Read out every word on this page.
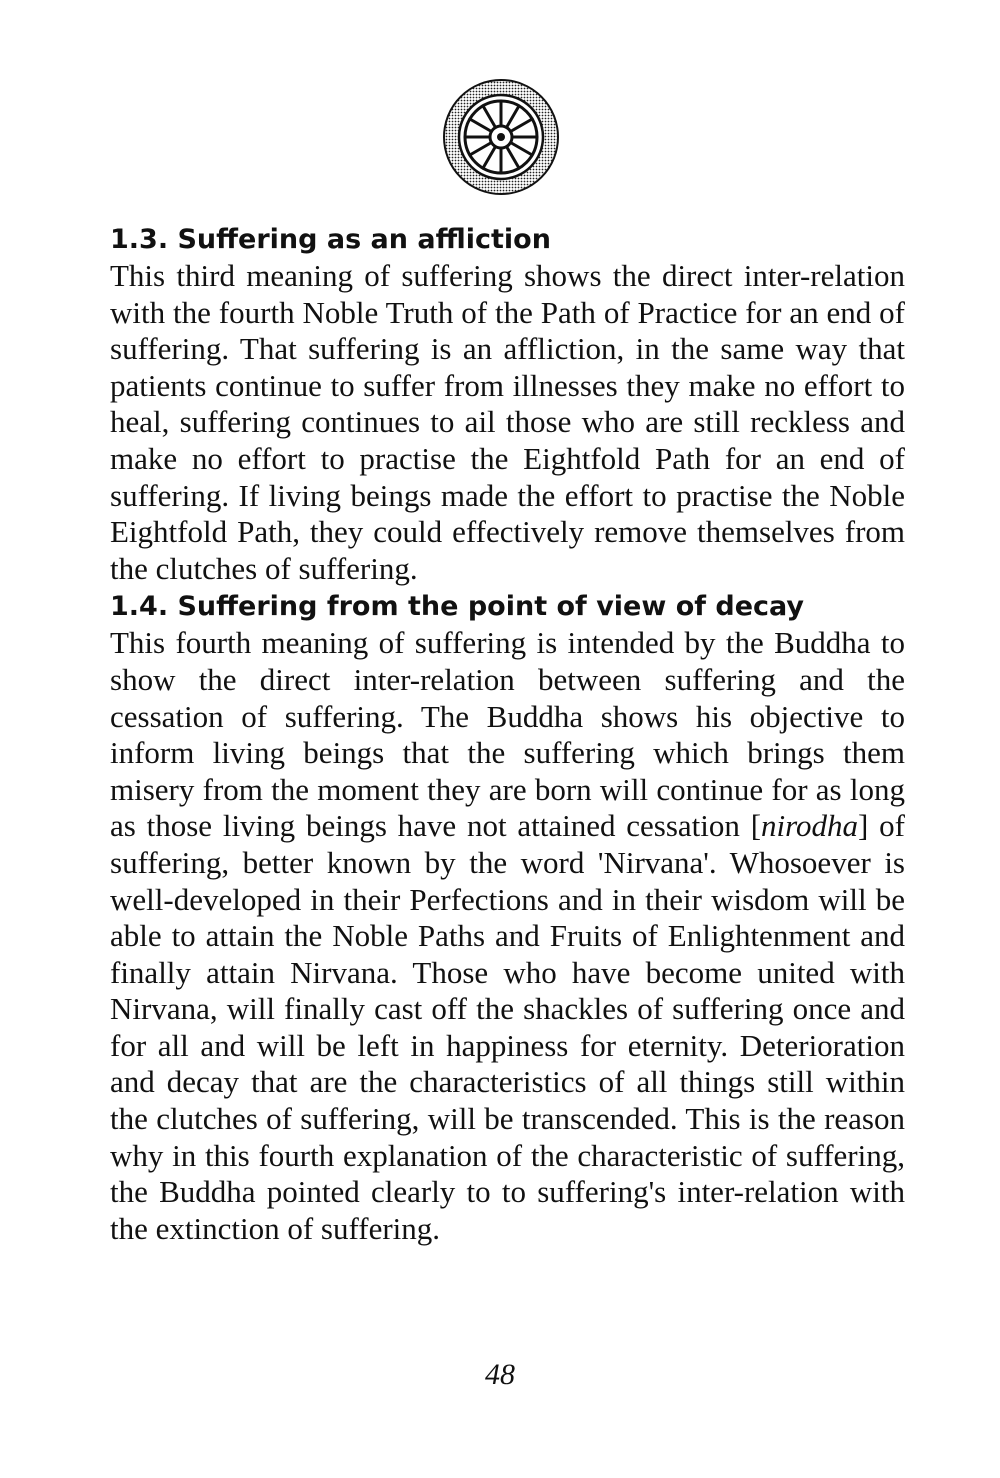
1.3. Suffering as an affliction

This third meaning of suffering shows the direct inter-relation with the fourth Noble Truth of the Path of Practice for an end of suffering. That suffering is an affliction, in the same way that patients continue to suffer from illnesses they make no effort to heal, suffering continues to ail those who are still reckless and make no effort to practise the Eightfold Path for an end of suffering. If living beings made the effort to practise the Noble Eightfold Path, they could effectively remove themselves from the clutches of suffering.

1.4. Suffering from the point of view of decay

This fourth meaning of suffering is intended by the Buddha to show the direct inter-relation between suffering and the cessation of suffering. The Buddha shows his objective to inform living beings that the suffering which brings them misery from the moment they are born will continue for as long as those living beings have not attained cessation [nirodha] of suffering, better known by the word 'Nirvana'. Whosoever is well-developed in their Perfections and in their wisdom will be able to attain the Noble Paths and Fruits of Enlightenment and finally attain Nirvana. Those who have become united with Nirvana, will finally cast off the shackles of suffering once and for all and will be left in happiness for eternity. Deterioration and decay that are the characteristics of all things still within the clutches of suffering, will be transcended. This is the reason why in this fourth explanation of the characteristic of suffering, the Buddha pointed clearly to to suffering's inter-relation with the extinction of suffering.

48
